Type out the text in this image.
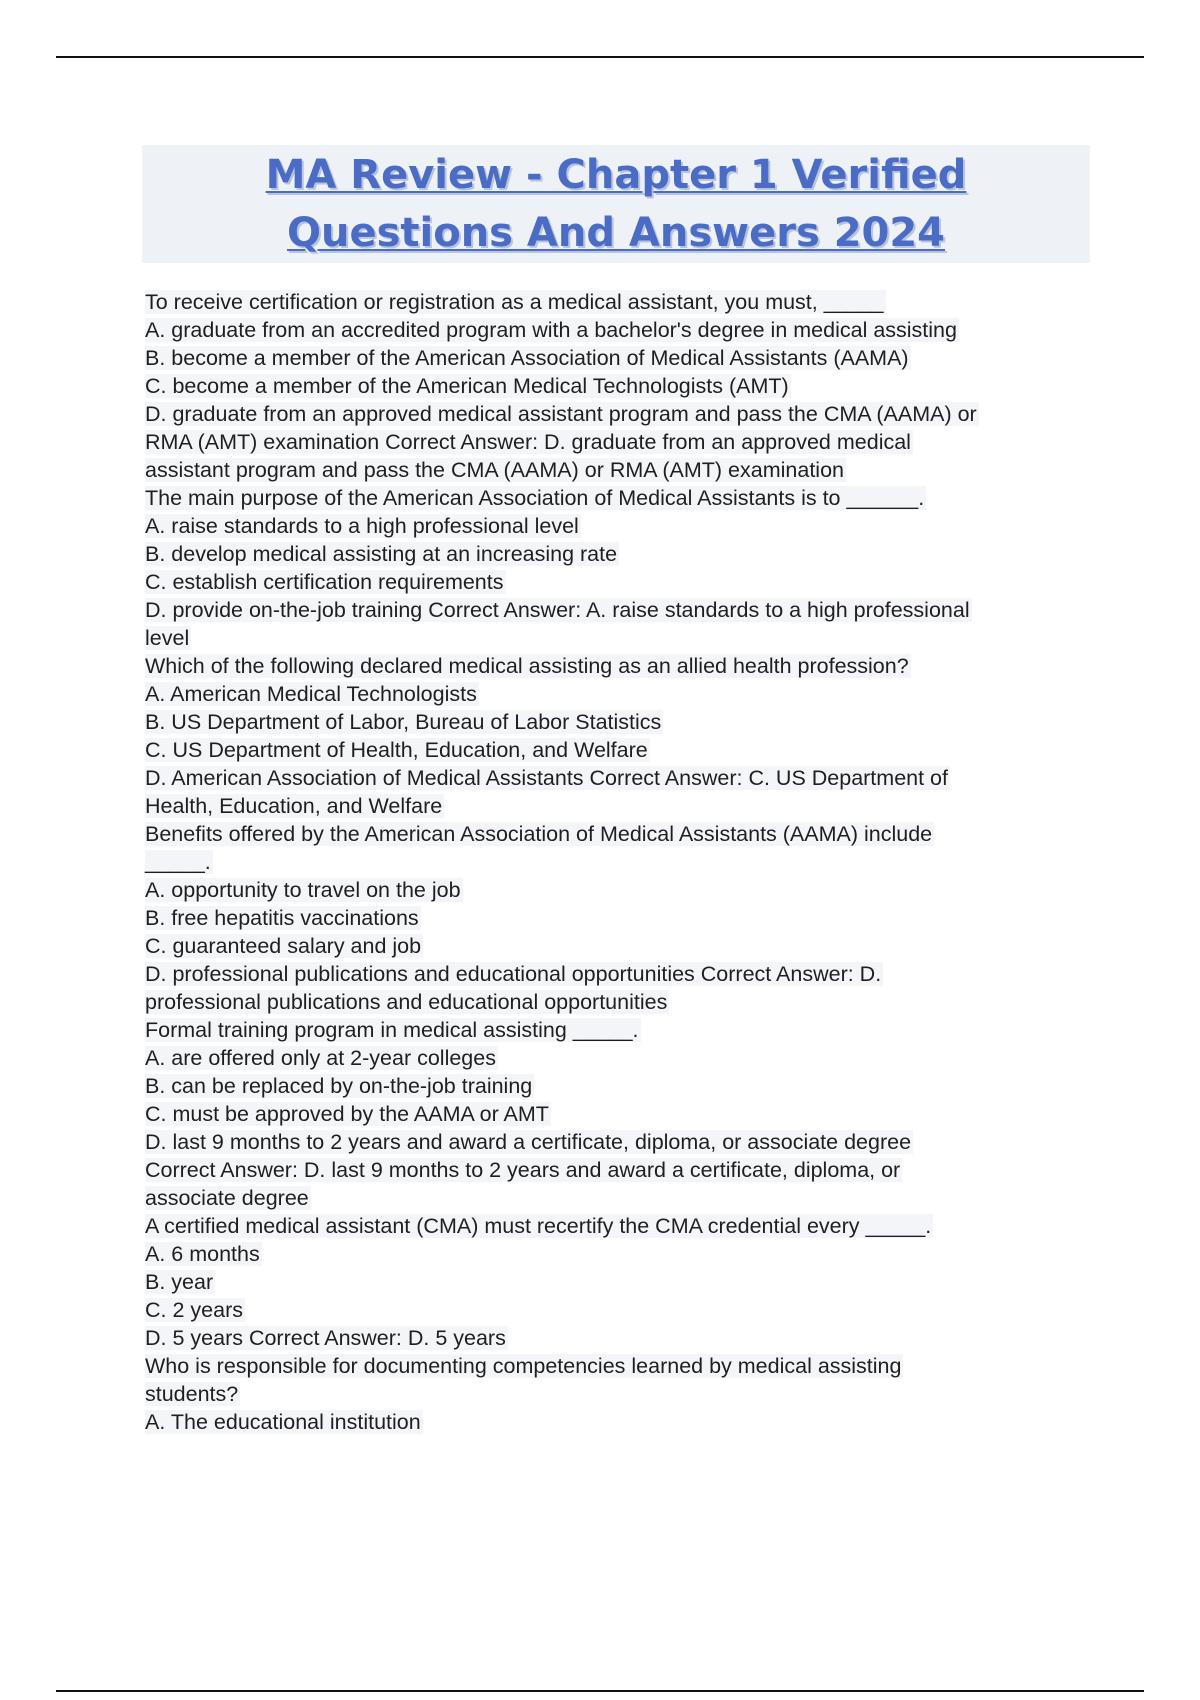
MA Review - Chapter 1 Verified
Questions And Answers 2024
To receive certification or registration as a medical assistant, you must, _____
A. graduate from an accredited program with a bachelor's degree in medical assisting
B. become a member of the American Association of Medical Assistants (AAMA)
C. become a member of the American Medical Technologists (AMT)
D. graduate from an approved medical assistant program and pass the CMA (AAMA) or
RMA (AMT) examination Correct Answer: D. graduate from an approved medical
assistant program and pass the CMA (AAMA) or RMA (AMT) examination
The main purpose of the American Association of Medical Assistants is to ______.
A. raise standards to a high professional level
B. develop medical assisting at an increasing rate
C. establish certification requirements
D. provide on-the-job training Correct Answer: A. raise standards to a high professional
level
Which of the following declared medical assisting as an allied health profession?
A. American Medical Technologists
B. US Department of Labor, Bureau of Labor Statistics
C. US Department of Health, Education, and Welfare
D. American Association of Medical Assistants Correct Answer: C. US Department of
Health, Education, and Welfare
Benefits offered by the American Association of Medical Assistants (AAMA) include
_____.
A. opportunity to travel on the job
B. free hepatitis vaccinations
C. guaranteed salary and job
D. professional publications and educational opportunities Correct Answer: D.
professional publications and educational opportunities
Formal training program in medical assisting _____.
A. are offered only at 2-year colleges
B. can be replaced by on-the-job training
C. must be approved by the AAMA or AMT
D. last 9 months to 2 years and award a certificate, diploma, or associate degree
Correct Answer: D. last 9 months to 2 years and award a certificate, diploma, or
associate degree
A certified medical assistant (CMA) must recertify the CMA credential every _____.
A. 6 months
B. year
C. 2 years
D. 5 years Correct Answer: D. 5 years
Who is responsible for documenting competencies learned by medical assisting
students?
A. The educational institution
